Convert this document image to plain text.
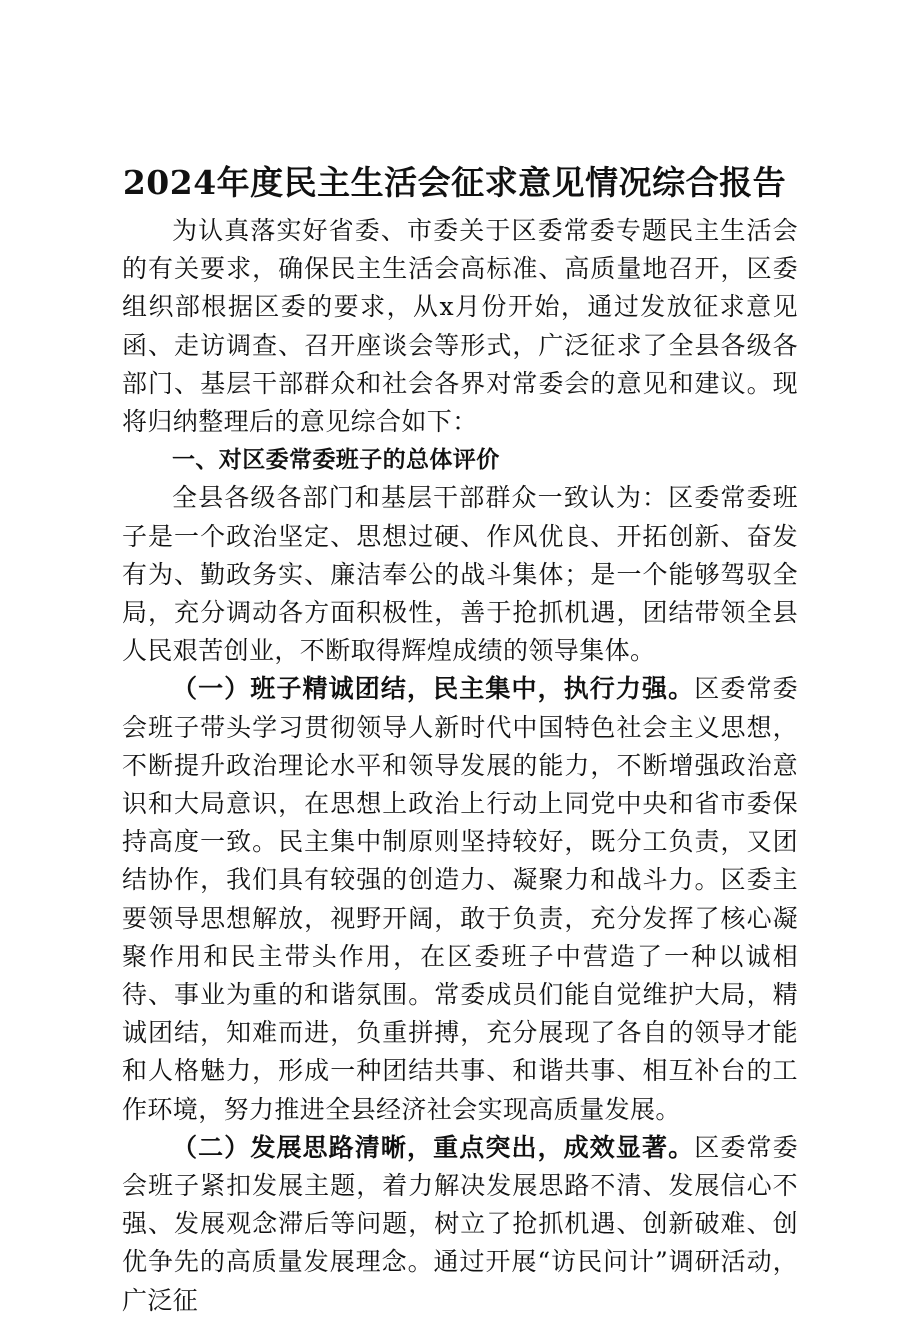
2024年度民主生活会征求意见情况综合报告

为认真落实好省委、市委关于区委常委专题民主生活会的有关要求，确保民主生活会高标准、高质量地召开，区委组织部根据区委的要求，从x月份开始，通过发放征求意见函、走访调查、召开座谈会等形式，广泛征求了全县各级各部门、基层干部群众和社会各界对常委会的意见和建议。现将归纳整理后的意见综合如下：

一、对区委常委班子的总体评价

全县各级各部门和基层干部群众一致认为：区委常委班子是一个政治坚定、思想过硬、作风优良、开拓创新、奋发有为、勤政务实、廉洁奉公的战斗集体；是一个能够驾驭全局，充分调动各方面积极性，善于抢抓机遇，团结带领全县人民艰苦创业，不断取得辉煌成绩的领导集体。

（一）班子精诚团结，民主集中，执行力强。区委常委会班子带头学习贯彻领导人新时代中国特色社会主义思想，不断提升政治理论水平和领导发展的能力，不断增强政治意识和大局意识，在思想上政治上行动上同党中央和省市委保持高度一致。民主集中制原则坚持较好，既分工负责，又团结协作，我们具有较强的创造力、凝聚力和战斗力。区委主要领导思想解放，视野开阔，敢于负责，充分发挥了核心凝聚作用和民主带头作用，在区委班子中营造了一种以诚相待、事业为重的和谐氛围。常委成员们能自觉维护大局，精诚团结，知难而进，负重拼搏，充分展现了各自的领导才能和人格魅力，形成一种团结共事、和谐共事、相互补台的工作环境，努力推进全县经济社会实现高质量发展。

（二）发展思路清晰，重点突出，成效显著。区委常委会班子紧扣发展主题，着力解决发展思路不清、发展信心不强、发展观念滞后等问题，树立了抢抓机遇、创新破难、创优争先的高质量发展理念。通过开展“访民问计”调研活动，广泛征
